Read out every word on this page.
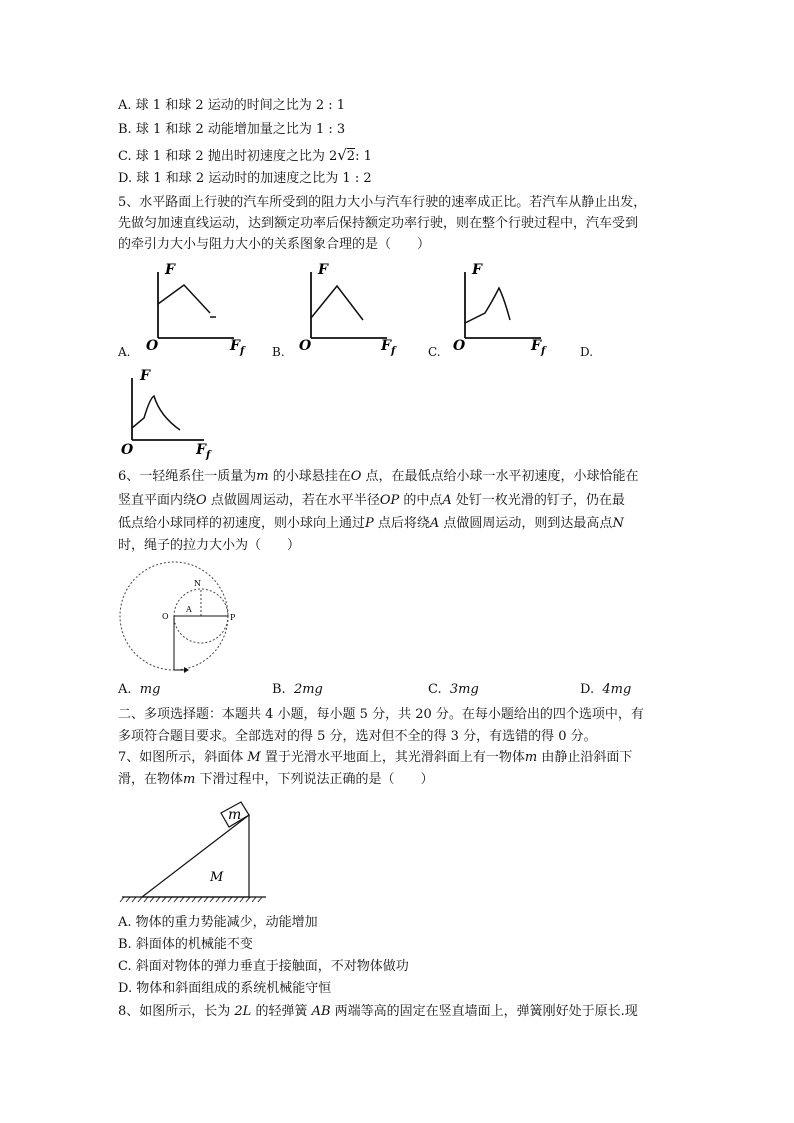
A. 球 1 和球 2 运动的时间之比为 2 : 1
B. 球 1 和球 2 动能增加量之比为 1 : 3
C. 球 1 和球 2 抛出时初速度之比为 2√2: 1
D. 球 1 和球 2 运动时的加速度之比为 1 : 2
5、水平路面上行驶的汽车所受到的阻力大小与汽车行驶的速率成正比。若汽车从静止出发，
先做匀加速直线运动，达到额定功率后保持额定功率行驶，则在整个行驶过程中，汽车受到
的牵引力大小与阻力大小的关系图象合理的是（　　）
F
O	$F_f$
A.
F
O	$F_f$
B.
F
O	$F_f$
C.	D.
F
O	$F_f$
6、一轻绳系住一质量为m 的小球悬挂在O 点，在最低点给小球一水平初速度，小球恰能在
竖直平面内绕O 点做圆周运动，若在水平半径OP 的中点A 处钉一枚光滑的钉子，仍在最
低点给小球同样的初速度，则小球向上通过P 点后将绕A 点做圆周运动，则到达最高点N
时，绳子的拉力大小为（　　）
N
A
O	P
A. mg	B. 2mg	C. 3mg	D. 4mg
二、多项选择题：本题共 4 小题，每小题 5 分，共 20 分。在每小题给出的四个选项中，有
多项符合题目要求。全部选对的得 5 分，选对但不全的得 3 分，有选错的得 0 分。
7、如图所示，斜面体 M 置于光滑水平地面上，其光滑斜面上有一物体m 由静止沿斜面下
滑，在物体m 下滑过程中，下列说法正确的是（　　）
m
M
A. 物体的重力势能减少，动能增加
B. 斜面体的机械能不变
C. 斜面对物体的弹力垂直于接触面，不对物体做功
D. 物体和斜面组成的系统机械能守恒
8、如图所示，长为 2L 的轻弹簧 AB 两端等高的固定在竖直墙面上，弹簧刚好处于原长.现
